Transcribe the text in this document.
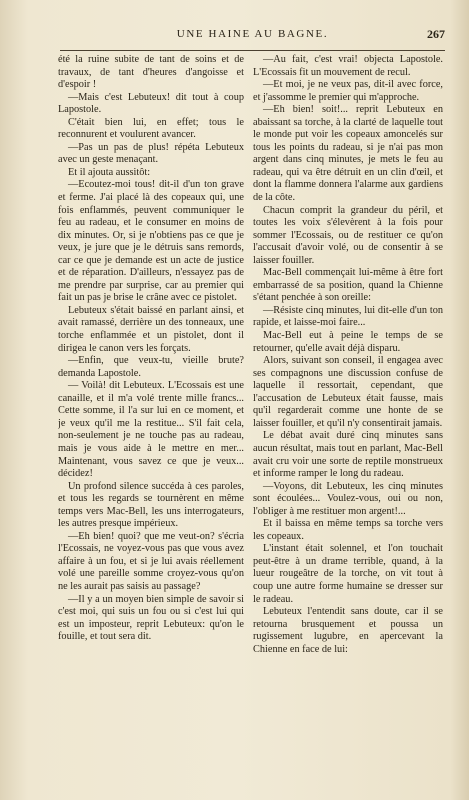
UNE HAINE AU BAGNE.	267

été la ruine subite de tant de soins et de travaux, de tant d'heures d'angoisse et d'espoir !

—Mais c'est Lebuteux! dit tout à coup Lapostole.

C'était bien lui, en effet; tous le reconnurent et voulurent avancer.

—Pas un pas de plus! répéta Lebuteux avec un geste menaçant.

Et il ajouta aussitôt:

—Ecoutez-moi tous! dit-il d'un ton grave et ferme. J'ai placé là des copeaux qui, une fois enflammés, peuvent communiquer le feu au radeau, et le consumer en moins de dix minutes. Or, si je n'obtiens pas ce que je veux, je jure que je le détruis sans remords, car ce que je demande est un acte de justice et de réparation. D'ailleurs, n'essayez pas de me prendre par surprise, car au premier qui fait un pas je brise le crâne avec ce pistolet.

Lebuteux s'était baissé en parlant ainsi, et avait ramassé, derrière un des tonneaux, une torche enflammée et un pistolet, dont il dirigea le canon vers les forçats.

—Enfin, que veux-tu, vieille brute? demanda Lapostole.

— Voilà! dit Lebuteux. L'Ecossais est une canaille, et il m'a volé trente mille francs... Cette somme, il l'a sur lui en ce moment, et je veux qu'il me la restitue... S'il fait cela, non-seulement je ne touche pas au radeau, mais je vous aide à le mettre en mer... Maintenant, vous savez ce que je veux... décidez!

Un profond silence succéda à ces paroles, et tous les regards se tournèrent en même temps vers Mac-Bell, les uns interrogateurs, les autres presque impérieux.

—Eh bien! quoi? que me veut-on? s'écria l'Ecossais, ne voyez-vous pas que vous avez affaire à un fou, et si je lui avais réellement volé une pareille somme croyez-vous qu'on ne les aurait pas saisis au passage?

—Il y a un moyen bien simple de savoir si c'est moi, qui suis un fou ou si c'est lui qui est un imposteur, reprit Lebuteux: qu'on le fouille, et tout sera dit.

—Au fait, c'est vrai! objecta Lapostole. L'Ecossais fit un mouvement de recul.

—Et moi, je ne veux pas, dit-il avec force, et j'assomme le premier qui m'approche.

—Eh bien! soit!... reprit Lebuteux en abaissant sa torche, à la clarté de laquelle tout le monde put voir les copeaux amoncelés sur tous les points du radeau, si je n'ai pas mon argent dans cinq minutes, je mets le feu au radeau, qui va être détruit en un clin d'œil, et dont la flamme donnera l'alarme aux gardiens de la côte.

Chacun comprit la grandeur du péril, et toutes les voix s'élevèrent à la fois pour sommer l'Ecossais, ou de restituer ce qu'on l'accusait d'avoir volé, ou de consentir à se laisser fouiller.

Mac-Bell commençait lui-même à être fort embarrassé de sa position, quand la Chienne s'étant penchée à son oreille:

—Résiste cinq minutes, lui dit-elle d'un ton rapide, et laisse-moi faire...

Mac-Bell eut à peine le temps de se retourner, qu'elle avait déjà disparu.

Alors, suivant son conseil, il engagea avec ses compagnons une discussion confuse de laquelle il ressortait, cependant, que l'accusation de Lebuteux était fausse, mais qu'il regarderait comme une honte de se laisser fouiller, et qu'il n'y consentirait jamais.

Le débat avait duré cinq minutes sans aucun résultat, mais tout en parlant, Mac-Bell avait cru voir une sorte de reptile monstrueux et informe ramper le long du radeau.

—Voyons, dit Lebuteux, les cinq minutes sont écoulées... Voulez-vous, oui ou non, l'obliger à me restituer mon argent!...

Et il baissa en même temps sa torche vers les copeaux.

L'instant était solennel, et l'on touchait peut-être à un drame terrible, quand, à la lueur rougeâtre de la torche, on vit tout à coup une autre forme humaine se dresser sur le radeau.

Lebuteux l'entendit sans doute, car il se retourna brusquement et poussa un rugissement lugubre, en apercevant la Chienne en face de lui:
